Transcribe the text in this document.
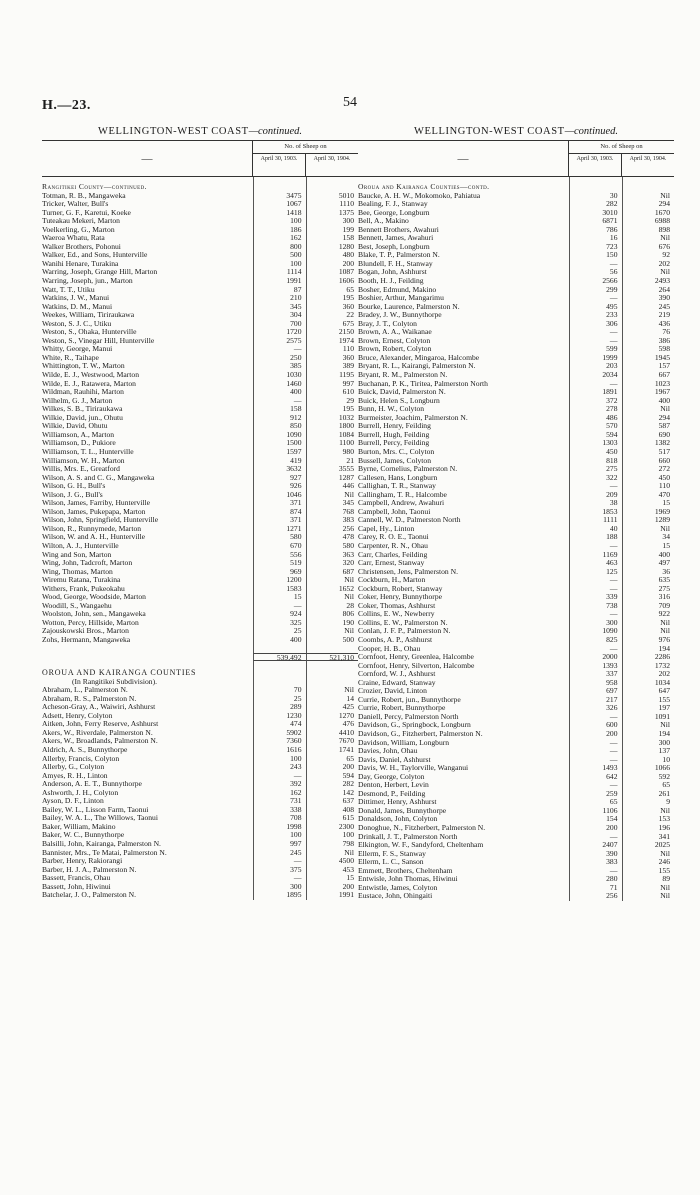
H.—23.	54
WELLINGTON-WEST COAST—continued.
—
No. of Sheep on
April 30, 1903.	April 30, 1904.
Rangitikei County—continued.
Totman, R. B., Mangaweka	3475	5010
Tricker, Walter, Bull's	1067	1110
Turner, G. F., Karetui, Koeke	1418	1375
Tuteakau Mekeri, Marton	100	300
Voelkerling, G., Marton	186	199
Waeroa Whatu, Rata	162	158
Walker Brothers, Pohonui	800	1280
Walker, Ed., and Sons, Hunterville	500	480
Wanihi Henare, Turakina	100	200
Warring, Joseph, Grange Hill, Marton	1114	1087
Warring, Joseph, jun., Marton	1991	1606
Watt, T. T., Utiku	87	65
Watkins, J. W., Manui	210	195
Watkins, D. M., Manui	345	360
Weekes, William, Tiriraukawa	304	22
Weston, S. J. C., Utiku	700	675
Weston, S., Ohaka, Hunterville	1720	2150
Weston, S., Vinegar Hill, Hunterville	2575	1974
Whitty, George, Manui	—	110
White, R., Taihape	250	360
Whittington, T. W., Marton	385	389
Wilde, E. J., Westwood, Marton	1030	1195
Wilde, E. J., Ratawera, Marton	1460	997
Wildman, Rauhihi, Marton	400	610
Wilhelm, G. J., Marton	—	29
Wilkes, S. B., Tiriraukawa	158	195
Wilkie, David, jun., Ohutu	912	1032
Wilkie, David, Ohutu	850	1800
Williamson, A., Marton	1090	1084
Williamson, D., Pukiore	1500	1100
Williamson, T. L., Hunterville	1597	980
Williamson, W. H., Marton	419	21
Willis, Mrs. E., Greatford	3632	3555
Wilson, A. S. and C. G., Mangaweka	927	1287
Wilson, G. H., Bull's	926	446
Wilson, J. G., Bull's	1046	Nil
Wilson, James, Farriby, Hunterville	371	345
Wilson, James, Pukepapa, Marton	874	768
Wilson, John, Springfield, Hunterville	371	383
Wilson, R., Runnymede, Marton	1271	256
Wilson, W. and A. H., Hunterville	580	478
Wilton, A. J., Hunterville	670	580
Wing and Son, Marton	556	363
Wing, John, Tadcroft, Marton	519	320
Wing, Thomas, Marton	969	687
Wiremu Ratana, Turakina	1200	Nil
Withers, Frank, Pukeokahu	1583	1652
Wood, George, Woodside, Marton	15	Nil
Woodill, S., Wangaehu	—	28
Woolston, John, sen., Mangaweka	924	806
Wotton, Percy, Hillside, Marton	325	190
Zajouskowski Bros., Marton	25	Nil
Zohs, Hermann, Mangaweka	400	500
539,492	521,310
OROUA AND KAIRANGA COUNTIES
(In Rangitikei Subdivision).
Abraham, L., Palmerston N.	70	Nil
Abraham, R. S., Palmerston N.	25	14
Acheson-Gray, A., Waiwiri, Ashhurst	289	425
Adsett, Henry, Colyton	1230	1270
Aitken, John, Ferry Reserve, Ashhurst	474	476
Akers, W., Riverdale, Palmerston N.	5902	4410
Akers, W., Broadlands, Palmerston N.	7360	7670
Aldrich, A. S., Bunnythorpe	1616	1741
Allerby, Francis, Colyton	100	65
Allerby, G., Colyton	243	200
Amyes, R. H., Linton	—	594
Anderson, A. E. T., Bunnythorpe	392	282
Ashworth, J. H., Colyton	162	142
Ayson, D. F., Linton	731	637
Bailey, W. L., Lisson Farm, Taonui	338	408
Bailey, W. A. L., The Willows, Taonui	708	615
Baker, William, Makino	1998	2300
Baker, W. C., Bunnythorpe	100	100
Balsilli, John, Kairanga, Palmerston N.	997	798
Bannister, Mrs., Te Matai, Palmerston N.	245	Nil
Barber, Henry, Rakiorangi	—	4500
Barber, H. J. A., Palmerston N.	375	453
Bassett, Francis, Ohau	—	15
Bassett, John, Hiwinui	300	200
Batchelar, J. O., Palmerston N.	1895	1991
WELLINGTON-WEST COAST—continued.
—
No. of Sheep on
April 30, 1903.	April 30, 1904.
Oroua and Kairanga Counties—contd.
Baucke, A. H. W., Mokomoko, Pahiatua	30	Nil
Bealing, F. J., Stanway	282	294
Bee, George, Longburn	3010	1670
Bell, A., Makino	6871	6988
Bennett Brothers, Awahuri	786	898
Bennett, James, Awahuri	16	Nil
Best, Joseph, Longburn	723	676
Blake, T. P., Palmerston N.	150	92
Blundell, F. H., Stanway	—	202
Bogan, John, Ashhurst	56	Nil
Booth, H. J., Feilding	2566	2493
Bosher, Edmund, Makino	299	264
Boshier, Arthur, Mangarimu	—	390
Bourke, Laurence, Palmerston N.	495	245
Bradey, J. W., Bunnythorpe	233	219
Bray, J. T., Colyton	306	436
Brown, A. A., Waikanae	—	76
Brown, Ernest, Colyton	—	386
Brown, Robert, Colyton	599	598
Bruce, Alexander, Mingaroa, Halcombe	1999	1945
Bryant, R. L., Kairangi, Palmerston N.	203	157
Bryant, R. M., Palmerston N.	2034	667
Buchanan, P. K., Tiritea, Palmerston North	—	1023
Buick, David, Palmerston N.	1891	1967
Buick, Helen S., Longburn	372	400
Bunn, H. W., Colyton	278	Nil
Burmeister, Joachim, Palmerston N.	486	294
Burrell, Henry, Feilding	570	587
Burrell, Hugh, Feilding	594	690
Burrell, Percy, Feilding	1303	1382
Burton, Mrs. C., Colyton	450	517
Bussell, James, Colyton	818	660
Byrne, Cornelius, Palmerston N.	275	272
Callesen, Hans, Longburn	322	450
Callighan, T. R., Stanway	—	110
Callingham, T. R., Halcombe	209	470
Campbell, Andrew, Awahuri	38	15
Campbell, John, Taonui	1853	1969
Cannell, W. D., Palmerston North	1111	1289
Capel, Hy., Linton	40	Nil
Carey, R. O. E., Taonui	188	34
Carpenter, R. N., Ohau	—	15
Carr, Charles, Feilding	1169	400
Carr, Ernest, Stanway	463	497
Christensen, Jens, Palmerston N.	125	36
Cockburn, H., Marton	—	635
Cockburn, Robert, Stanway	—	275
Coker, Henry, Bunnythorpe	339	316
Coker, Thomas, Ashhurst	738	709
Collins, E. W., Newberry	—	922
Collins, E. W., Palmerston N.	300	Nil
Conlan, J. F. P., Palmerston N.	1090	Nil
Coombs, A. P., Ashhurst	825	976
Cooper, H. B., Ohau	—	194
Cornfoot, Henry, Greenlea, Halcombe	2000	2286
Cornfoot, Henry, Silverton, Halcombe	1393	1732
Cornford, W. J., Ashhurst	337	202
Craine, Edward, Stanway	958	1034
Crozier, David, Linton	697	647
Currie, Robert, jun., Bunnythorpe	217	155
Currie, Robert, Bunnythorpe	326	197
Daniell, Percy, Palmerston North	—	1091
Davidson, G., Springbock, Longburn	600	Nil
Davidson, G., Fitzherbert, Palmerston N.	200	194
Davidson, William, Longburn	—	300
Davies, John, Ohau	—	137
Davis, Daniel, Ashhurst	—	10
Davis, W. H., Taylorville, Wanganui	1493	1066
Day, George, Colyton	642	592
Denton, Herbert, Levin	—	65
Desmond, P., Feilding	259	261
Dittimer, Henry, Ashhurst	65	9
Donald, James, Bunnythorpe	1106	Nil
Donaldson, John, Colyton	154	153
Donoghue, N., Fitzherbert, Palmerston N.	200	196
Drinkall, J. T., Palmerston North	—	341
Elkington, W. F., Sandyford, Cheltenham	2407	2025
Ellerm, F. S., Stanway	390	Nil
Ellerm, L. C., Sanson	383	246
Emmett, Brothers, Cheltenham	—	155
Entwisle, John Thomas, Hiwinui	280	89
Entwistle, James, Colyton	71	Nil
Eustace, John, Ohingaiti	256	Nil
